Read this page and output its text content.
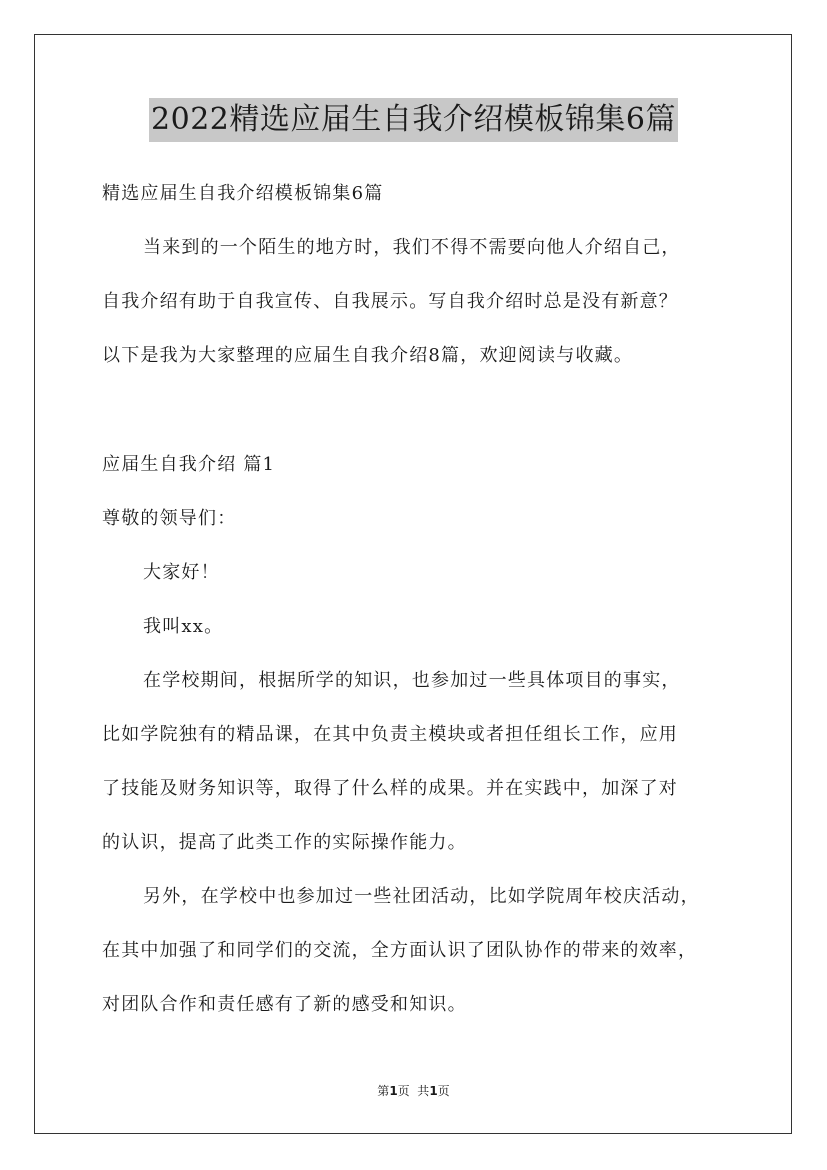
2022精选应届生自我介绍模板锦集6篇
精选应届生自我介绍模板锦集6篇
当来到的一个陌生的地方时，我们不得不需要向他人介绍自己，
自我介绍有助于自我宣传、自我展示。写自我介绍时总是没有新意？
以下是我为大家整理的应届生自我介绍8篇，欢迎阅读与收藏。
应届生自我介绍 篇1
尊敬的领导们：
大家好！
我叫xx。
在学校期间，根据所学的知识，也参加过一些具体项目的事实，
比如学院独有的精品课，在其中负责主模块或者担任组长工作，应用
了技能及财务知识等，取得了什么样的成果。并在实践中，加深了对
的认识，提高了此类工作的实际操作能力。
另外，在学校中也参加过一些社团活动，比如学院周年校庆活动，
在其中加强了和同学们的交流，全方面认识了团队协作的带来的效率，
对团队合作和责任感有了新的感受和知识。
第1页  共1页
